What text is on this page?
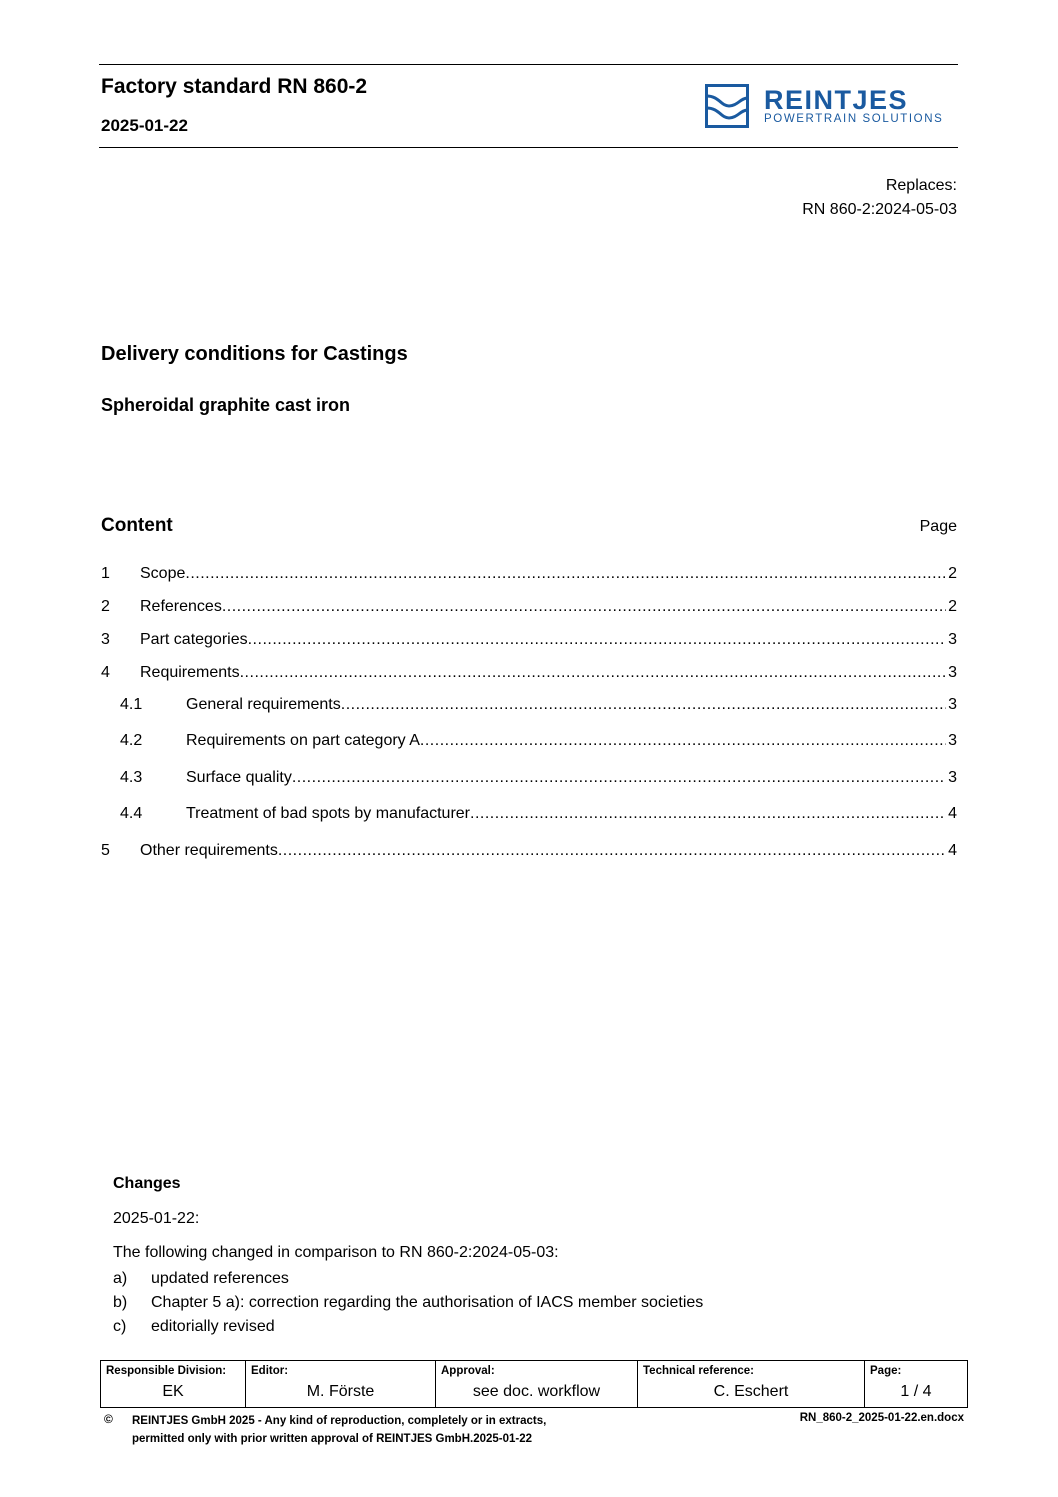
Factory standard RN 860-2
2025-01-22
REINTJES
POWERTRAIN SOLUTIONS
Replaces:
RN 860-2:2024-05-03
Delivery conditions for Castings
Spheroidal graphite cast iron
Content	Page
1 Scope .....	2
2 References .....	2
3 Part categories .....	3
4 Requirements .....	3
4.1	General requirements .....	3
4.2	Requirements on part category A .....	3
4.3	Surface quality .....	3
4.4	Treatment of bad spots by manufacturer .....	4
5 Other requirements .....	4
Changes
2025-01-22:
The following changed in comparison to RN 860-2:2024-05-03:
a) updated references
b) Chapter 5 a): correction regarding the authorisation of IACS member societies
c) editorially revised
Responsible Division:
EK
Editor:
M. Förste
Approval:
see doc. workflow
Technical reference:
C. Eschert
Page:
1 / 4
© REINTJES GmbH 2025 - Any kind of reproduction, completely or in extracts,
permitted only with prior written approval of REINTJES GmbH.2025-01-22
RN_860-2_2025-01-22.en.docx
